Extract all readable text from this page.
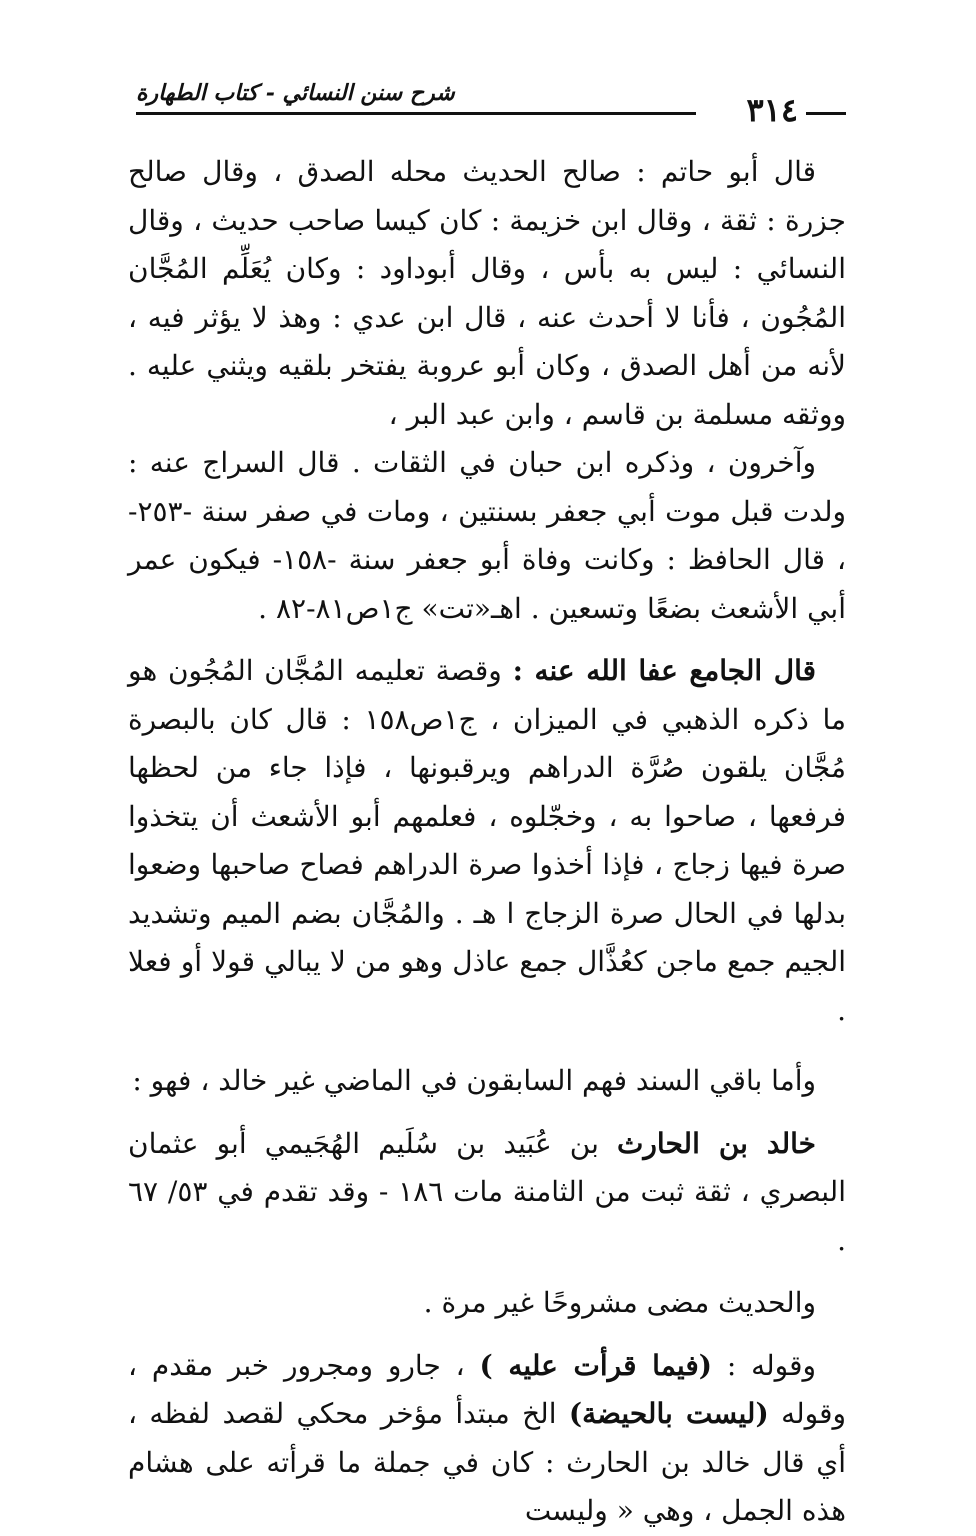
٣١٤
شرح سنن النسائي - كتاب الطهارة

قال أبو حاتم : صالح الحديث محله الصدق ، وقال صالح جزرة : ثقة ، وقال ابن خزيمة : كان كيسا صاحب حديث ، وقال النسائي : ليس به بأس ، وقال أبوداود : وكان يُعَلِّم المُجَّان المُجُون ، فأنا لا أحدث عنه ، قال ابن عدي : وهذ لا يؤثر فيه ، لأنه من أهل الصدق ، وكان أبو عروبة يفتخر بلقيه ويثني عليه . ووثقه مسلمة بن قاسم ، وابن عبد البر ،

وآخرون ، وذكره ابن حبان في الثقات . قال السراج عنه : ولدت قبل موت أبي جعفر بسنتين ، ومات في صفر سنة -٢٥٣- ، قال الحافظ : وكانت وفاة أبو جعفر سنة -١٥٨- فيكون عمر أبي الأشعث بضعًا وتسعين . اهـ«تت» ج١ص٨١-٨٢ .

قال الجامع عفا الله عنه : وقصة تعليمه المُجَّان المُجُون هو ما ذكره الذهبي في الميزان ، ج١ص١٥٨ : قال كان بالبصرة مُجَّان يلقون صُرَّة الدراهم ويرقبونها ، فإذا جاء من لحظها فرفعها ، صاحوا به ، وخجّلوه ، فعلمهم أبو الأشعث أن يتخذوا صرة فيها زجاج ، فإذا أخذوا صرة الدراهم فصاح صاحبها وضعوا بدلها في الحال صرة الزجاج ا هـ . والمُجَّان بضم الميم وتشديد الجيم جمع ماجن كعُذَّال جمع عاذل وهو من لا يبالي قولا أو فعلا .

وأما باقي السند فهم السابقون في الماضي غير خالد ، فهو :

خالد بن الحارث بن عُبَيد بن سُلَيم الهُجَيمي أبو عثمان البصري ، ثقة ثبت من الثامنة مات ١٨٦ - وقد تقدم في ٥٣/ ٦٧ .

والحديث مضى مشروحًا غير مرة .

وقوله : (فيما قرأت عليه ) ، جارو ومجرور خبر مقدم ، وقوله (ليست بالحيضة) الخ مبتدأ مؤخر محكي لقصد لفظه ، أي قال خالد بن الحارث : كان في جملة ما قرأته على هشام هذه الجمل ، وهي « وليست
